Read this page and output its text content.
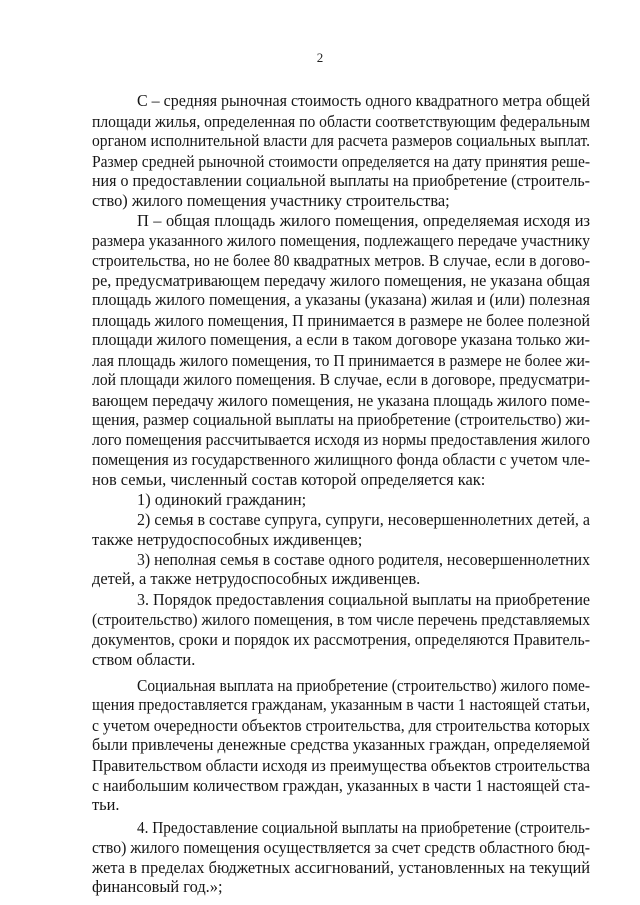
2
С – средняя рыночная стоимость одного квадратного метра общей
площади жилья, определенная по области соответствующим федеральным
органом исполнительной власти для расчета размеров социальных выплат.
Размер средней рыночной стоимости определяется на дату принятия реше-
ния о предоставлении социальной выплаты на приобретение (строитель-
ство) жилого помещения участнику строительства;
П – общая площадь жилого помещения, определяемая исходя из
размера указанного жилого помещения, подлежащего передаче участнику
строительства, но не более 80 квадратных метров. В случае, если в догово-
ре, предусматривающем передачу жилого помещения, не указана общая
площадь жилого помещения, а указаны (указана) жилая и (или) полезная
площадь жилого помещения, П принимается в размере не более полезной
площади жилого помещения, а если в таком договоре указана только жи-
лая площадь жилого помещения, то П принимается в размере не более жи-
лой площади жилого помещения. В случае, если в договоре, предусматри-
вающем передачу жилого помещения, не указана площадь жилого поме-
щения, размер социальной выплаты на приобретение (строительство) жи-
лого помещения рассчитывается исходя из нормы предоставления жилого
помещения из государственного жилищного фонда области с учетом чле-
нов семьи, численный состав которой определяется как:
1) одинокий гражданин;
2) семья в составе супруга, супруги, несовершеннолетних детей, а
также нетрудоспособных иждивенцев;
3) неполная семья в составе одного родителя, несовершеннолетних
детей, а также нетрудоспособных иждивенцев.
3. Порядок предоставления социальной выплаты на приобретение
(строительство) жилого помещения, в том числе перечень представляемых
документов, сроки и порядок их рассмотрения, определяются Правитель-
ством области.
Социальная выплата на приобретение (строительство) жилого поме-
щения предоставляется гражданам, указанным в части 1 настоящей статьи,
с учетом очередности объектов строительства, для строительства которых
были привлечены денежные средства указанных граждан, определяемой
Правительством области исходя из преимущества объектов строительства
с наибольшим количеством граждан, указанных в части 1 настоящей ста-
тьи.
4. Предоставление социальной выплаты на приобретение (строитель-
ство) жилого помещения осуществляется за счет средств областного бюд-
жета в пределах бюджетных ассигнований, установленных на текущий
финансовый год.»;
